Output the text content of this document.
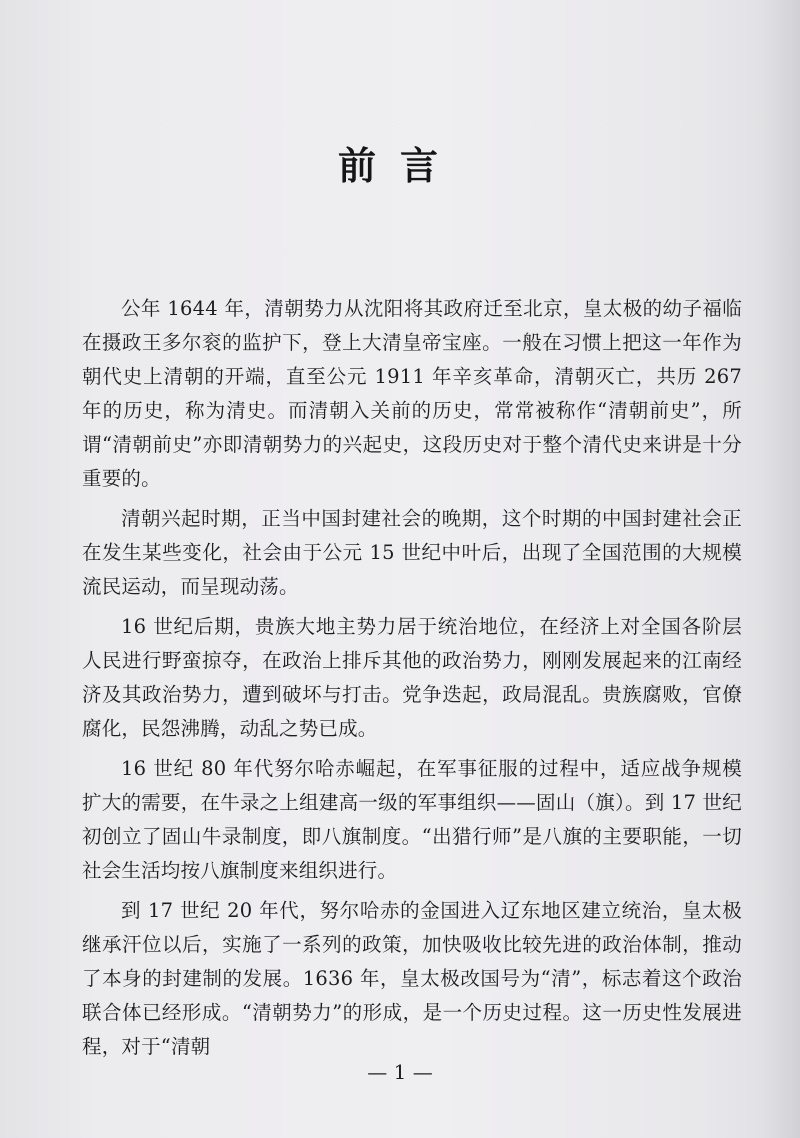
前言

公年 1644 年，清朝势力从沈阳将其政府迁至北京，皇太极的幼子福临在摄政王多尔衮的监护下，登上大清皇帝宝座。一般在习惯上把这一年作为朝代史上清朝的开端，直至公元 1911 年辛亥革命，清朝灭亡，共历 267 年的历史，称为清史。而清朝入关前的历史，常常被称作“清朝前史”，所谓“清朝前史”亦即清朝势力的兴起史，这段历史对于整个清代史来讲是十分重要的。

清朝兴起时期，正当中国封建社会的晚期，这个时期的中国封建社会正在发生某些变化，社会由于公元 15 世纪中叶后，出现了全国范围的大规模流民运动，而呈现动荡。

16 世纪后期，贵族大地主势力居于统治地位，在经济上对全国各阶层人民进行野蛮掠夺，在政治上排斥其他的政治势力，刚刚发展起来的江南经济及其政治势力，遭到破坏与打击。党争迭起，政局混乱。贵族腐败，官僚腐化，民怨沸腾，动乱之势已成。

16 世纪 80 年代努尔哈赤崛起，在军事征服的过程中，适应战争规模扩大的需要，在牛录之上组建高一级的军事组织——固山（旗）。到 17 世纪初创立了固山牛录制度，即八旗制度。“出猎行师”是八旗的主要职能，一切社会生活均按八旗制度来组织进行。

到 17 世纪 20 年代，努尔哈赤的金国进入辽东地区建立统治，皇太极继承汗位以后，实施了一系列的政策，加快吸收比较先进的政治体制，推动了本身的封建制的发展。1636 年，皇太极改国号为“清”，标志着这个政治联合体已经形成。“清朝势力”的形成，是一个历史过程。这一历史性发展进程，对于“清朝

— 1 —
